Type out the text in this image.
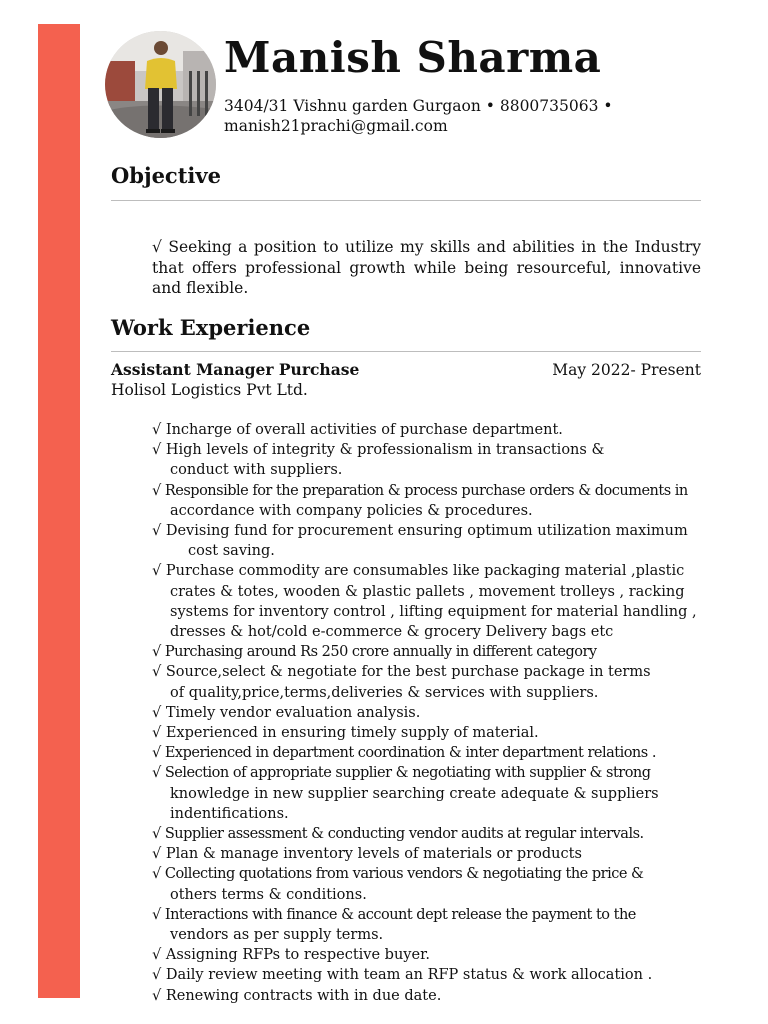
Manish Sharma
3404/31 Vishnu garden Gurgaon • 8800735063 •
manish21prachi@gmail.com
Objective

√ Seeking a position to utilize my skills and abilities in the Industry that offers professional growth while being resourceful, innovative and flexible.

Work Experience
Assistant Manager Purchase	May 2022- Present
Holisol Logistics Pvt Ltd.
√ Incharge of overall activities of purchase department.
√ High levels of integrity & professionalism in transactions &
conduct with suppliers.
√ Responsible for the preparation & process purchase orders & documents in
accordance with company policies & procedures.
√ Devising fund for procurement ensuring optimum utilization maximum
cost saving.
√ Purchase commodity are consumables like packaging material ,plastic
crates & totes, wooden & plastic pallets , movement trolleys , racking
systems for inventory control , lifting equipment for material handling ,
dresses & hot/cold e-commerce & grocery Delivery bags etc
√ Purchasing around Rs 250 crore annually in different category
√ Source,select & negotiate for the best purchase package in terms
of quality,price,terms,deliveries & services with suppliers.
√ Timely vendor evaluation analysis.
√ Experienced in ensuring timely supply of material.
√ Experienced in department coordination & inter department relations .
√ Selection of appropriate supplier & negotiating with supplier & strong
knowledge in new supplier searching create adequate & suppliers
indentifications.
√ Supplier assessment & conducting vendor audits at regular intervals.
√ Plan & manage inventory levels of materials or products
√ Collecting quotations from various vendors & negotiating the price &
others terms & conditions.
√ Interactions with finance & account dept release the payment to the
vendors as per supply terms.
√ Assigning RFPs to respective buyer.
√ Daily review meeting with team an RFP status & work allocation .
√ Renewing contracts with in due date.
